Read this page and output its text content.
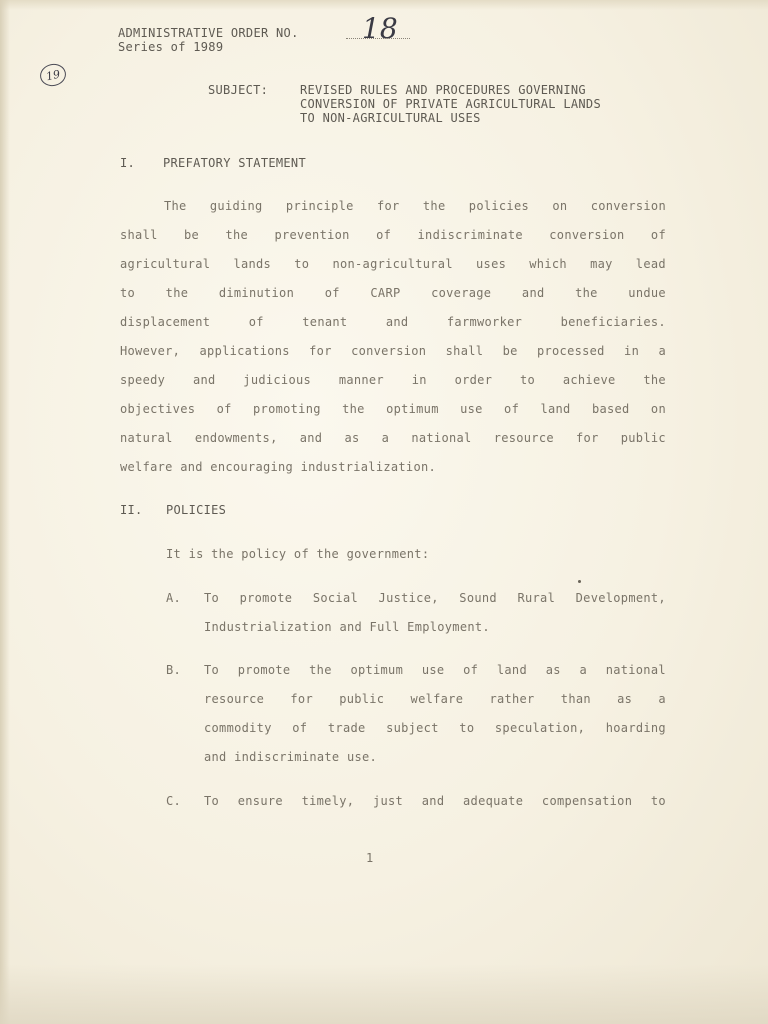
ADMINISTRATIVE ORDER NO. 18
Series of 1989
19
SUBJECT:	REVISED RULES AND PROCEDURES GOVERNING
CONVERSION OF PRIVATE AGRICULTURAL LANDS
TO NON-AGRICULTURAL USES
I. PREFATORY STATEMENT
The guiding principle for the policies on conversion
shall be the prevention of indiscriminate conversion of
agricultural lands to non-agricultural uses which may lead
to	the	diminution	of	CARP	coverage	and	the	undue
displacement	of	tenant	and	farmworker	beneficiaries.
However, applications for conversion shall be processed in a
speedy and judicious manner in order to achieve the
objectives of promoting the optimum use of land based on
natural endowments, and as a national resource for public
welfare and encouraging industrialization.
II. POLICIES
It is the policy of the government:
A. To promote Social Justice, Sound Rural Development,
Industrialization and Full Employment.
B. To promote the optimum use of land as a national
resource for public welfare rather than as a
commodity of trade subject to speculation, hoarding
and indiscriminate use.
C. To ensure timely, just and adequate compensation to
1
